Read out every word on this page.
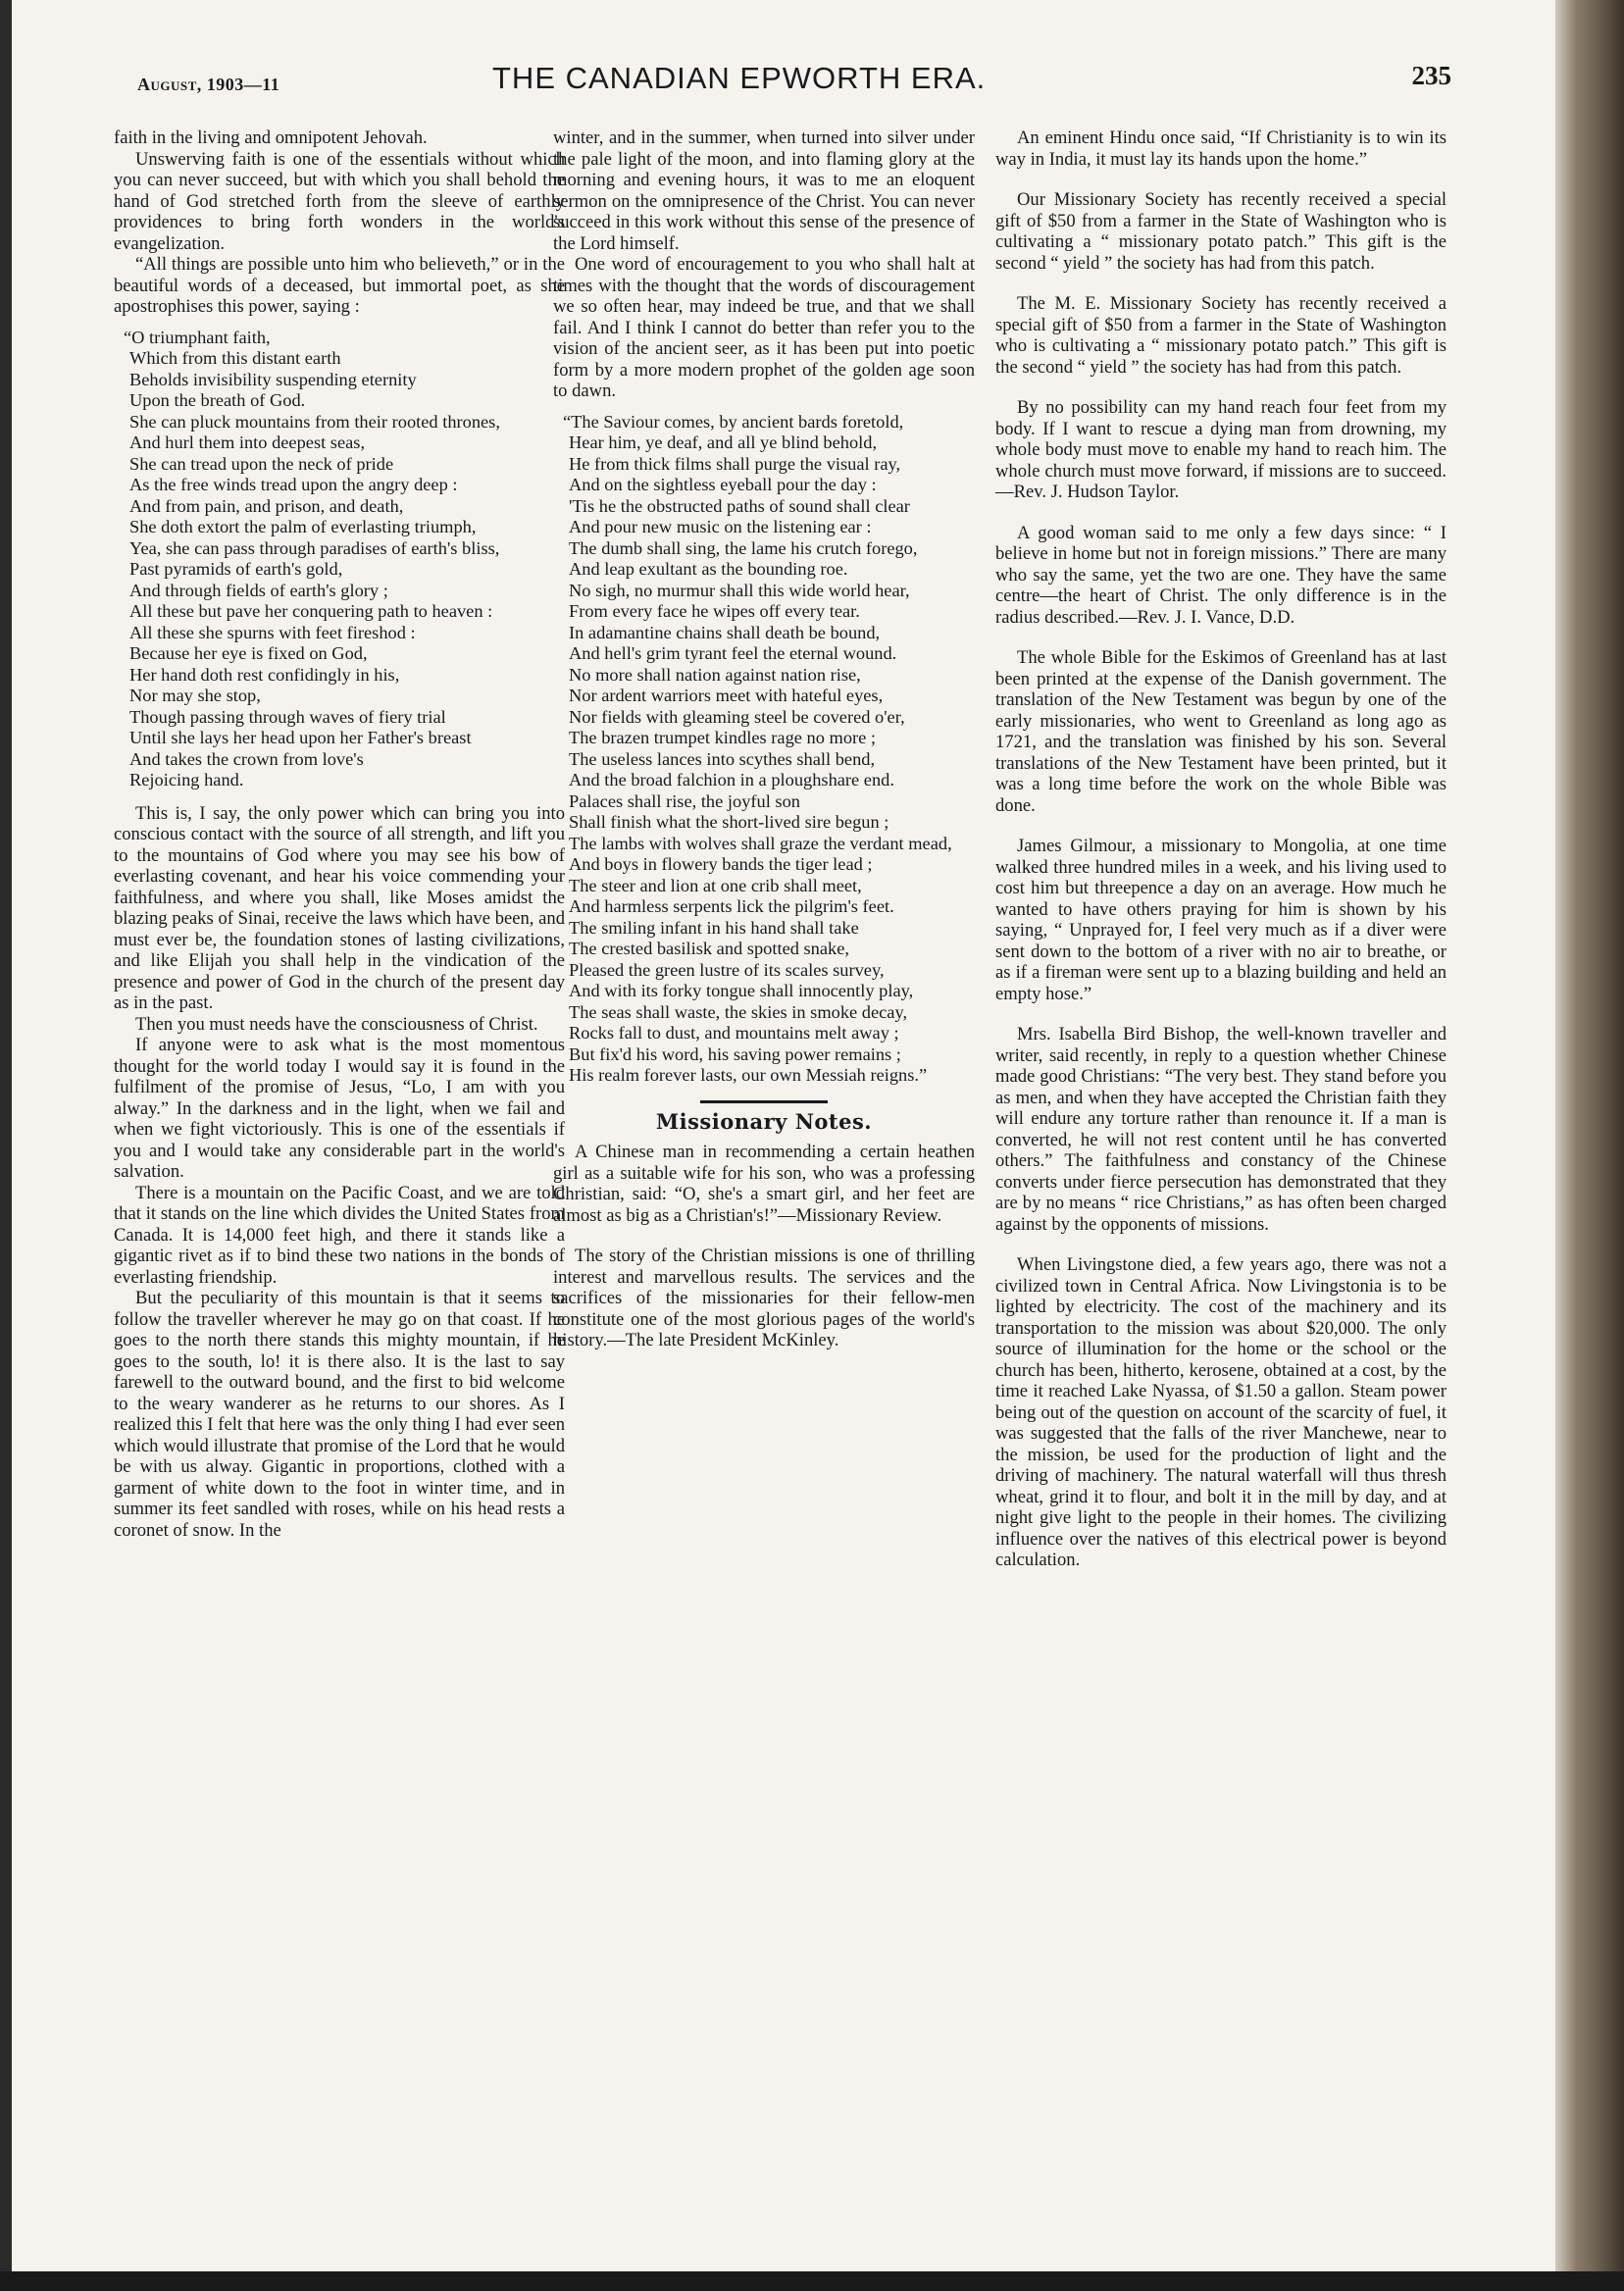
August, 1903—11	THE CANADIAN EPWORTH ERA.	235

faith in the living and omnipotent Jehovah.

Unswerving faith is one of the essentials without which you can never succeed, but with which you shall behold the hand of God stretched forth from the sleeve of earthly providences to bring forth wonders in the world's evangelization.

“All things are possible unto him who believeth,” or in the beautiful words of a deceased, but immortal poet, as she apostrophises this power, saying :

“O triumphant faith,
Which from this distant earth
Beholds invisibility suspending eternity
Upon the breath of God.
She can pluck mountains from their rooted thrones,
And hurl them into deepest seas,
She can tread upon the neck of pride
As the free winds tread upon the angry deep :
And from pain, and prison, and death,
She doth extort the palm of everlasting triumph,
Yea, she can pass through paradises of earth's bliss,
Past pyramids of earth's gold,
And through fields of earth's glory ;
All these but pave her conquering path to heaven :
All these she spurns with feet fireshod :
Because her eye is fixed on God,
Her hand doth rest confidingly in his,
Nor may she stop,
Though passing through waves of fiery trial
Until she lays her head upon her Father's breast
And takes the crown from love's
Rejoicing hand.

This is, I say, the only power which can bring you into conscious contact with the source of all strength, and lift you to the mountains of God where you may see his bow of everlasting covenant, and hear his voice commending your faithfulness, and where you shall, like Moses amidst the blazing peaks of Sinai, receive the laws which have been, and must ever be, the foundation stones of lasting civilizations, and like Elijah you shall help in the vindication of the presence and power of God in the church of the present day as in the past.

Then you must needs have the consciousness of Christ.

If anyone were to ask what is the most momentous thought for the world today I would say it is found in the fulfilment of the promise of Jesus, “Lo, I am with you alway.” In the darkness and in the light, when we fail and when we fight victoriously. This is one of the essentials if you and I would take any considerable part in the world's salvation.

There is a mountain on the Pacific Coast, and we are told that it stands on the line which divides the United States from Canada. It is 14,000 feet high, and there it stands like a gigantic rivet as if to bind these two nations in the bonds of everlasting friendship.

But the peculiarity of this mountain is that it seems to follow the traveller wherever he may go on that coast. If he goes to the north there stands this mighty mountain, if he goes to the south, lo! it is there also. It is the last to say farewell to the outward bound, and the first to bid welcome to the weary wanderer as he returns to our shores. As I realized this I felt that here was the only thing I had ever seen which would illustrate that promise of the Lord that he would be with us alway. Gigantic in proportions, clothed with a garment of white down to the foot in winter time, and in summer its feet sandled with roses, while on his head rests a coronet of snow. In the

winter, and in the summer, when turned into silver under the pale light of the moon, and into flaming glory at the morning and evening hours, it was to me an eloquent sermon on the omnipresence of the Christ. You can never succeed in this work without this sense of the presence of the Lord himself.

One word of encouragement to you who shall halt at times with the thought that the words of discouragement we so often hear, may indeed be true, and that we shall fail. And I think I cannot do better than refer you to the vision of the ancient seer, as it has been put into poetic form by a more modern prophet of the golden age soon to dawn.

“The Saviour comes, by ancient bards foretold,
Hear him, ye deaf, and all ye blind behold,
He from thick films shall purge the visual ray,
And on the sightless eyeball pour the day :
'Tis he the obstructed paths of sound shall clear
And pour new music on the listening ear :
The dumb shall sing, the lame his crutch forego,
And leap exultant as the bounding roe.
No sigh, no murmur shall this wide world hear,
From every face he wipes off every tear.
In adamantine chains shall death be bound,
And hell's grim tyrant feel the eternal wound.
No more shall nation against nation rise,
Nor ardent warriors meet with hateful eyes,
Nor fields with gleaming steel be covered o'er,
The brazen trumpet kindles rage no more ;
The useless lances into scythes shall bend,
And the broad falchion in a ploughshare end.
Palaces shall rise, the joyful son
Shall finish what the short-lived sire begun ;
The lambs with wolves shall graze the verdant mead,
And boys in flowery bands the tiger lead ;
The steer and lion at one crib shall meet,
And harmless serpents lick the pilgrim's feet.
The smiling infant in his hand shall take
The crested basilisk and spotted snake,
Pleased the green lustre of its scales survey,
And with its forky tongue shall innocently play,
The seas shall waste, the skies in smoke decay,
Rocks fall to dust, and mountains melt away ;
But fix'd his word, his saving power remains ;
His realm forever lasts, our own Messiah reigns.”
Missionary Notes.

A Chinese man in recommending a certain heathen girl as a suitable wife for his son, who was a professing Christian, said: “O, she's a smart girl, and her feet are almost as big as a Christian's!”—Missionary Review.

The story of the Christian missions is one of thrilling interest and marvellous results. The services and the sacrifices of the missionaries for their fellow-men constitute one of the most glorious pages of the world's history.—The late President McKinley.

An eminent Hindu once said, “If Christianity is to win its way in India, it must lay its hands upon the home.”

Our Missionary Society has recently received a special gift of $50 from a farmer in the State of Washington who is cultivating a “ missionary potato patch.” This gift is the second “ yield ” the society has had from this patch.

The M. E. Missionary Society has recently received a special gift of $50 from a farmer in the State of Washington who is cultivating a “ missionary potato patch.” This gift is the second “ yield ” the society has had from this patch.

By no possibility can my hand reach four feet from my body. If I want to rescue a dying man from drowning, my whole body must move to enable my hand to reach him. The whole church must move forward, if missions are to succeed.—Rev. J. Hudson Taylor.

A good woman said to me only a few days since: “ I believe in home but not in foreign missions.” There are many who say the same, yet the two are one. They have the same centre—the heart of Christ. The only difference is in the radius described.—Rev. J. I. Vance, D.D.

The whole Bible for the Eskimos of Greenland has at last been printed at the expense of the Danish government. The translation of the New Testament was begun by one of the early missionaries, who went to Greenland as long ago as 1721, and the translation was finished by his son. Several translations of the New Testament have been printed, but it was a long time before the work on the whole Bible was done.

James Gilmour, a missionary to Mongolia, at one time walked three hundred miles in a week, and his living used to cost him but threepence a day on an average. How much he wanted to have others praying for him is shown by his saying, “ Unprayed for, I feel very much as if a diver were sent down to the bottom of a river with no air to breathe, or as if a fireman were sent up to a blazing building and held an empty hose.”

Mrs. Isabella Bird Bishop, the well-known traveller and writer, said recently, in reply to a question whether Chinese made good Christians: “The very best. They stand before you as men, and when they have accepted the Christian faith they will endure any torture rather than renounce it. If a man is converted, he will not rest content until he has converted others.” The faithfulness and constancy of the Chinese converts under fierce persecution has demonstrated that they are by no means “ rice Christians,” as has often been charged against by the opponents of missions.

When Livingstone died, a few years ago, there was not a civilized town in Central Africa. Now Livingstonia is to be lighted by electricity. The cost of the machinery and its transportation to the mission was about $20,000. The only source of illumination for the home or the school or the church has been, hitherto, kerosene, obtained at a cost, by the time it reached Lake Nyassa, of $1.50 a gallon. Steam power being out of the question on account of the scarcity of fuel, it was suggested that the falls of the river Manchewe, near to the mission, be used for the production of light and the driving of machinery. The natural waterfall will thus thresh wheat, grind it to flour, and bolt it in the mill by day, and at night give light to the people in their homes. The civilizing influence over the natives of this electrical power is beyond calculation.
